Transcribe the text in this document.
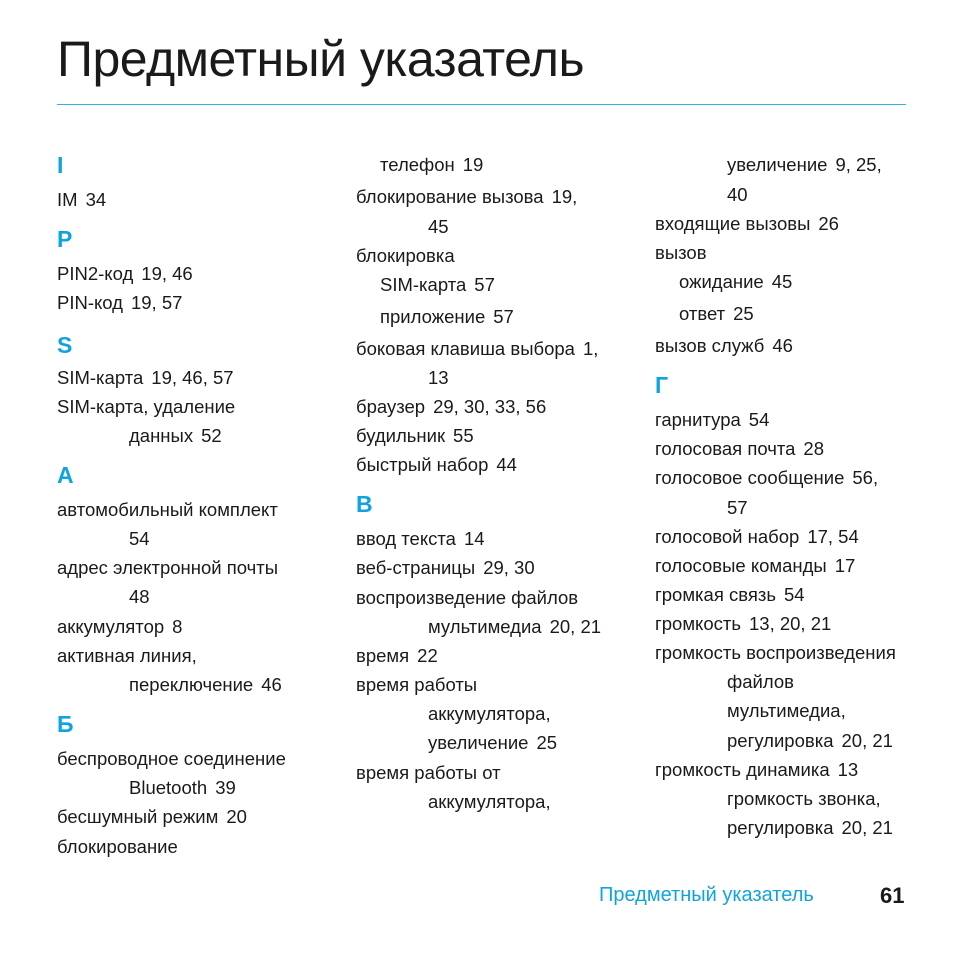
Предметный указатель
I
IM 34
P
PIN2-код 19, 46
PIN-код 19, 57
S
SIM-карта 19, 46, 57
SIM-карта, удаление
данных 52
А
автомобильный комплект
54
адрес электронной почты
48
аккумулятор 8
активная линия,
переключение 46
Б
беспроводное соединение
Bluetooth 39
бесшумный режим 20
блокирование
телефон 19
блокирование вызова 19,
45
блокировка
SIM-карта 57
приложение 57
боковая клавиша выбора 1,
13
браузер 29, 30, 33, 56
будильник 55
быстрый набор 44
В
ввод текста 14
веб-страницы 29, 30
воспроизведение файлов
мультимедиа 20, 21
время 22
время работы
аккумулятора,
увеличение 25
время работы от
аккумулятора,
увеличение 9, 25,
40
входящие вызовы 26
вызов
ожидание 45
ответ 25
вызов служб 46
Г
гарнитура 54
голосовая почта 28
голосовое сообщение 56,
57
голосовой набор 17, 54
голосовые команды 17
громкая связь 54
громкость 13, 20, 21
громкость воспроизведения
файлов
мультимедиа,
регулировка 20, 21
громкость динамика 13
громкость звонка,
регулировка 20, 21
Предметный указатель	61
